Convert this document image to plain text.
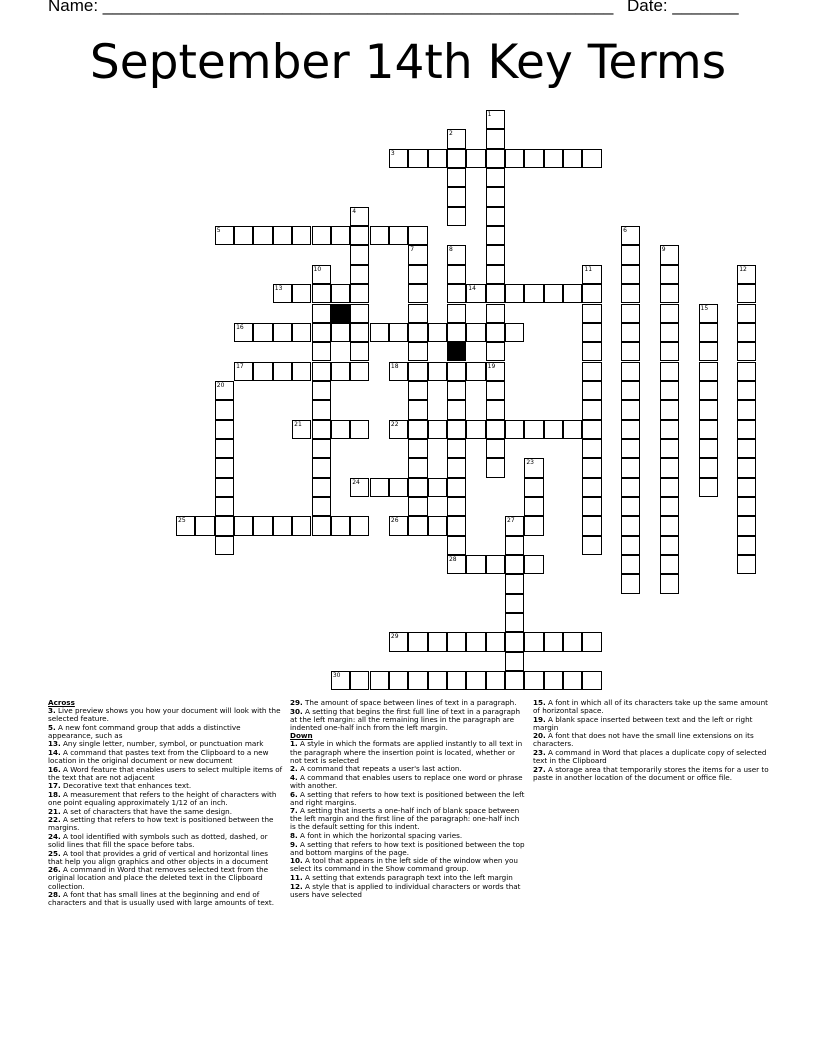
Name: ______________________________________________________ Date: _______
September 14th Key Terms
1
19
2
3
4
5	6
7	8
28
9
10	11	12
13	14
15
16
17	18
20
21	22
23
24
25	26	27
29
30
Across
3. Live preview shows you how your document will look with the selected feature.
5. A new font command group that adds a distinctive appearance, such as
13. Any single letter, number, symbol, or punctuation mark
14. A command that pastes text from the Clipboard to a new location in the original document or new document
16. A Word feature that enables users to select multiple items of the text that are not adjacent
17. Decorative text that enhances text.
18. A measurement that refers to the height of characters with one point equaling approximately 1/12 of an inch.
21. A set of characters that have the same design.
22. A setting that refers to how text is positioned between the margins.
24. A tool identified with symbols such as dotted, dashed, or solid lines that fill the space before tabs.
25. A tool that provides a grid of vertical and horizontal lines that help you align graphics and other objects in a document
26. A command in Word that removes selected text from the original location and place the deleted text in the Clipboard collection.
28. A font that has small lines at the beginning and end of characters and that is usually used with large amounts of text.
29. The amount of space between lines of text in a paragraph.
30. A setting that begins the first full line of text in a paragraph at the left margin: all the remaining lines in the paragraph are indented one-half inch from the left margin.
Down
1. A style in which the formats are applied instantly to all text in the paragraph where the insertion point is located, whether or not text is selected
2. A command that repeats a user's last action.
4. A command that enables users to replace one word or phrase with another.
6. A setting that refers to how text is positioned between the left and right margins.
7. A setting that inserts a one-half inch of blank space between the left margin and the first line of the paragraph: one-half inch is the default setting for this indent.
8. A font in which the horizontal spacing varies.
9. A setting that refers to how text is positioned between the top and bottom margins of the page.
10. A tool that appears in the left side of the window when you select its command in the Show command group.
11. A setting that extends paragraph text into the left margin
12. A style that is applied to individual characters or words that users have selected
15. A font in which all of its characters take up the same amount of horizontal space.
19. A blank space inserted between text and the left or right margin
20. A font that does not have the small line extensions on its characters.
23. A command in Word that places a duplicate copy of selected text in the Clipboard
27. A storage area that temporarily stores the items for a user to paste in another location of the document or office file.
